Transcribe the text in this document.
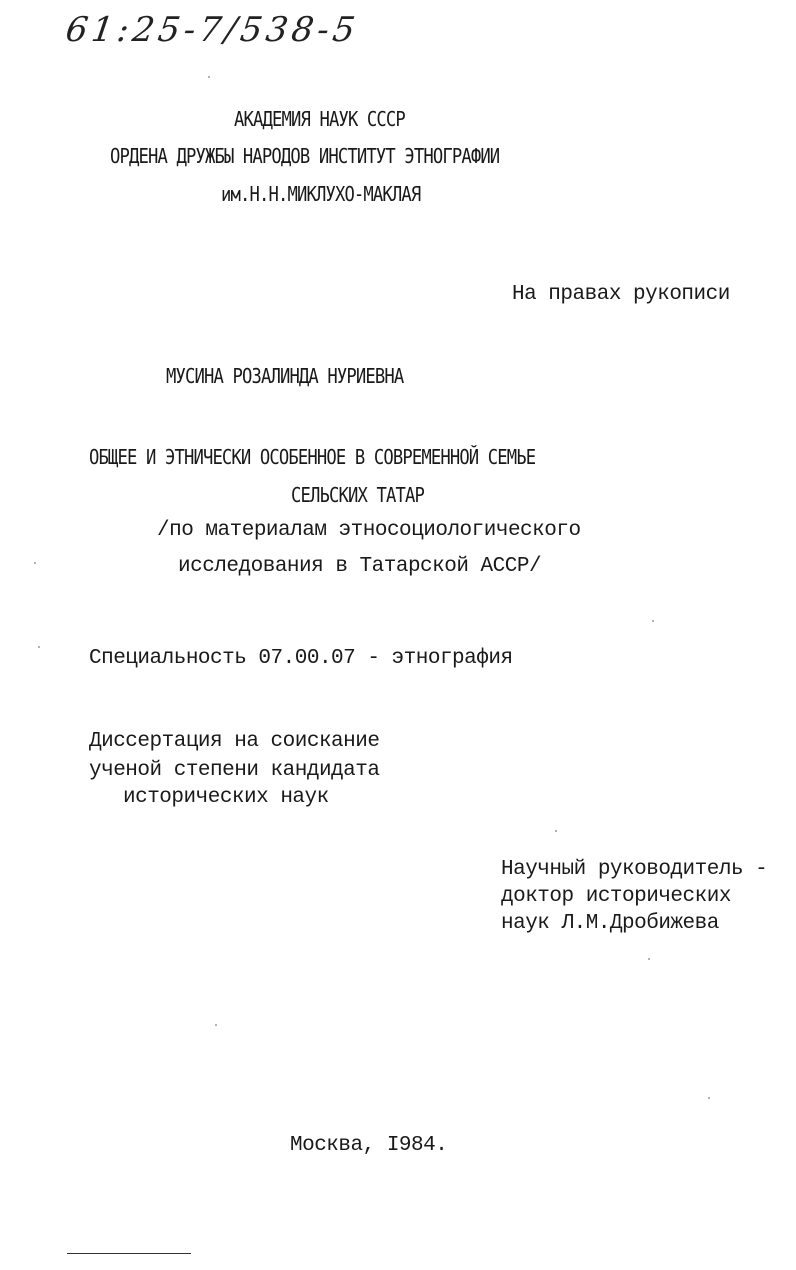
61:25-7/538-5
АКАДЕМИЯ НАУК СССР
ОРДЕНА ДРУЖБЫ НАРОДОВ ИНСТИТУТ ЭТНОГРАФИИ
им.Н.Н.МИКЛУХО-МАКЛАЯ
На правах рукописи
МУСИНА РОЗАЛИНДА НУРИЕВНА
ОБЩЕЕ И ЭТНИЧЕСКИ ОСОБЕННОЕ В СОВРЕМЕННОЙ СЕМЬЕ
СЕЛЬСКИХ ТАТАР
/по материалам этносоциологического
исследования в Татарской АССР/
Специальность 07.00.07 - этнография
Диссертация на соискание
ученой степени кандидата
исторических наук
Научный руководитель -
доктор исторических
наук Л.М.Дробижева
Москва, I984.
